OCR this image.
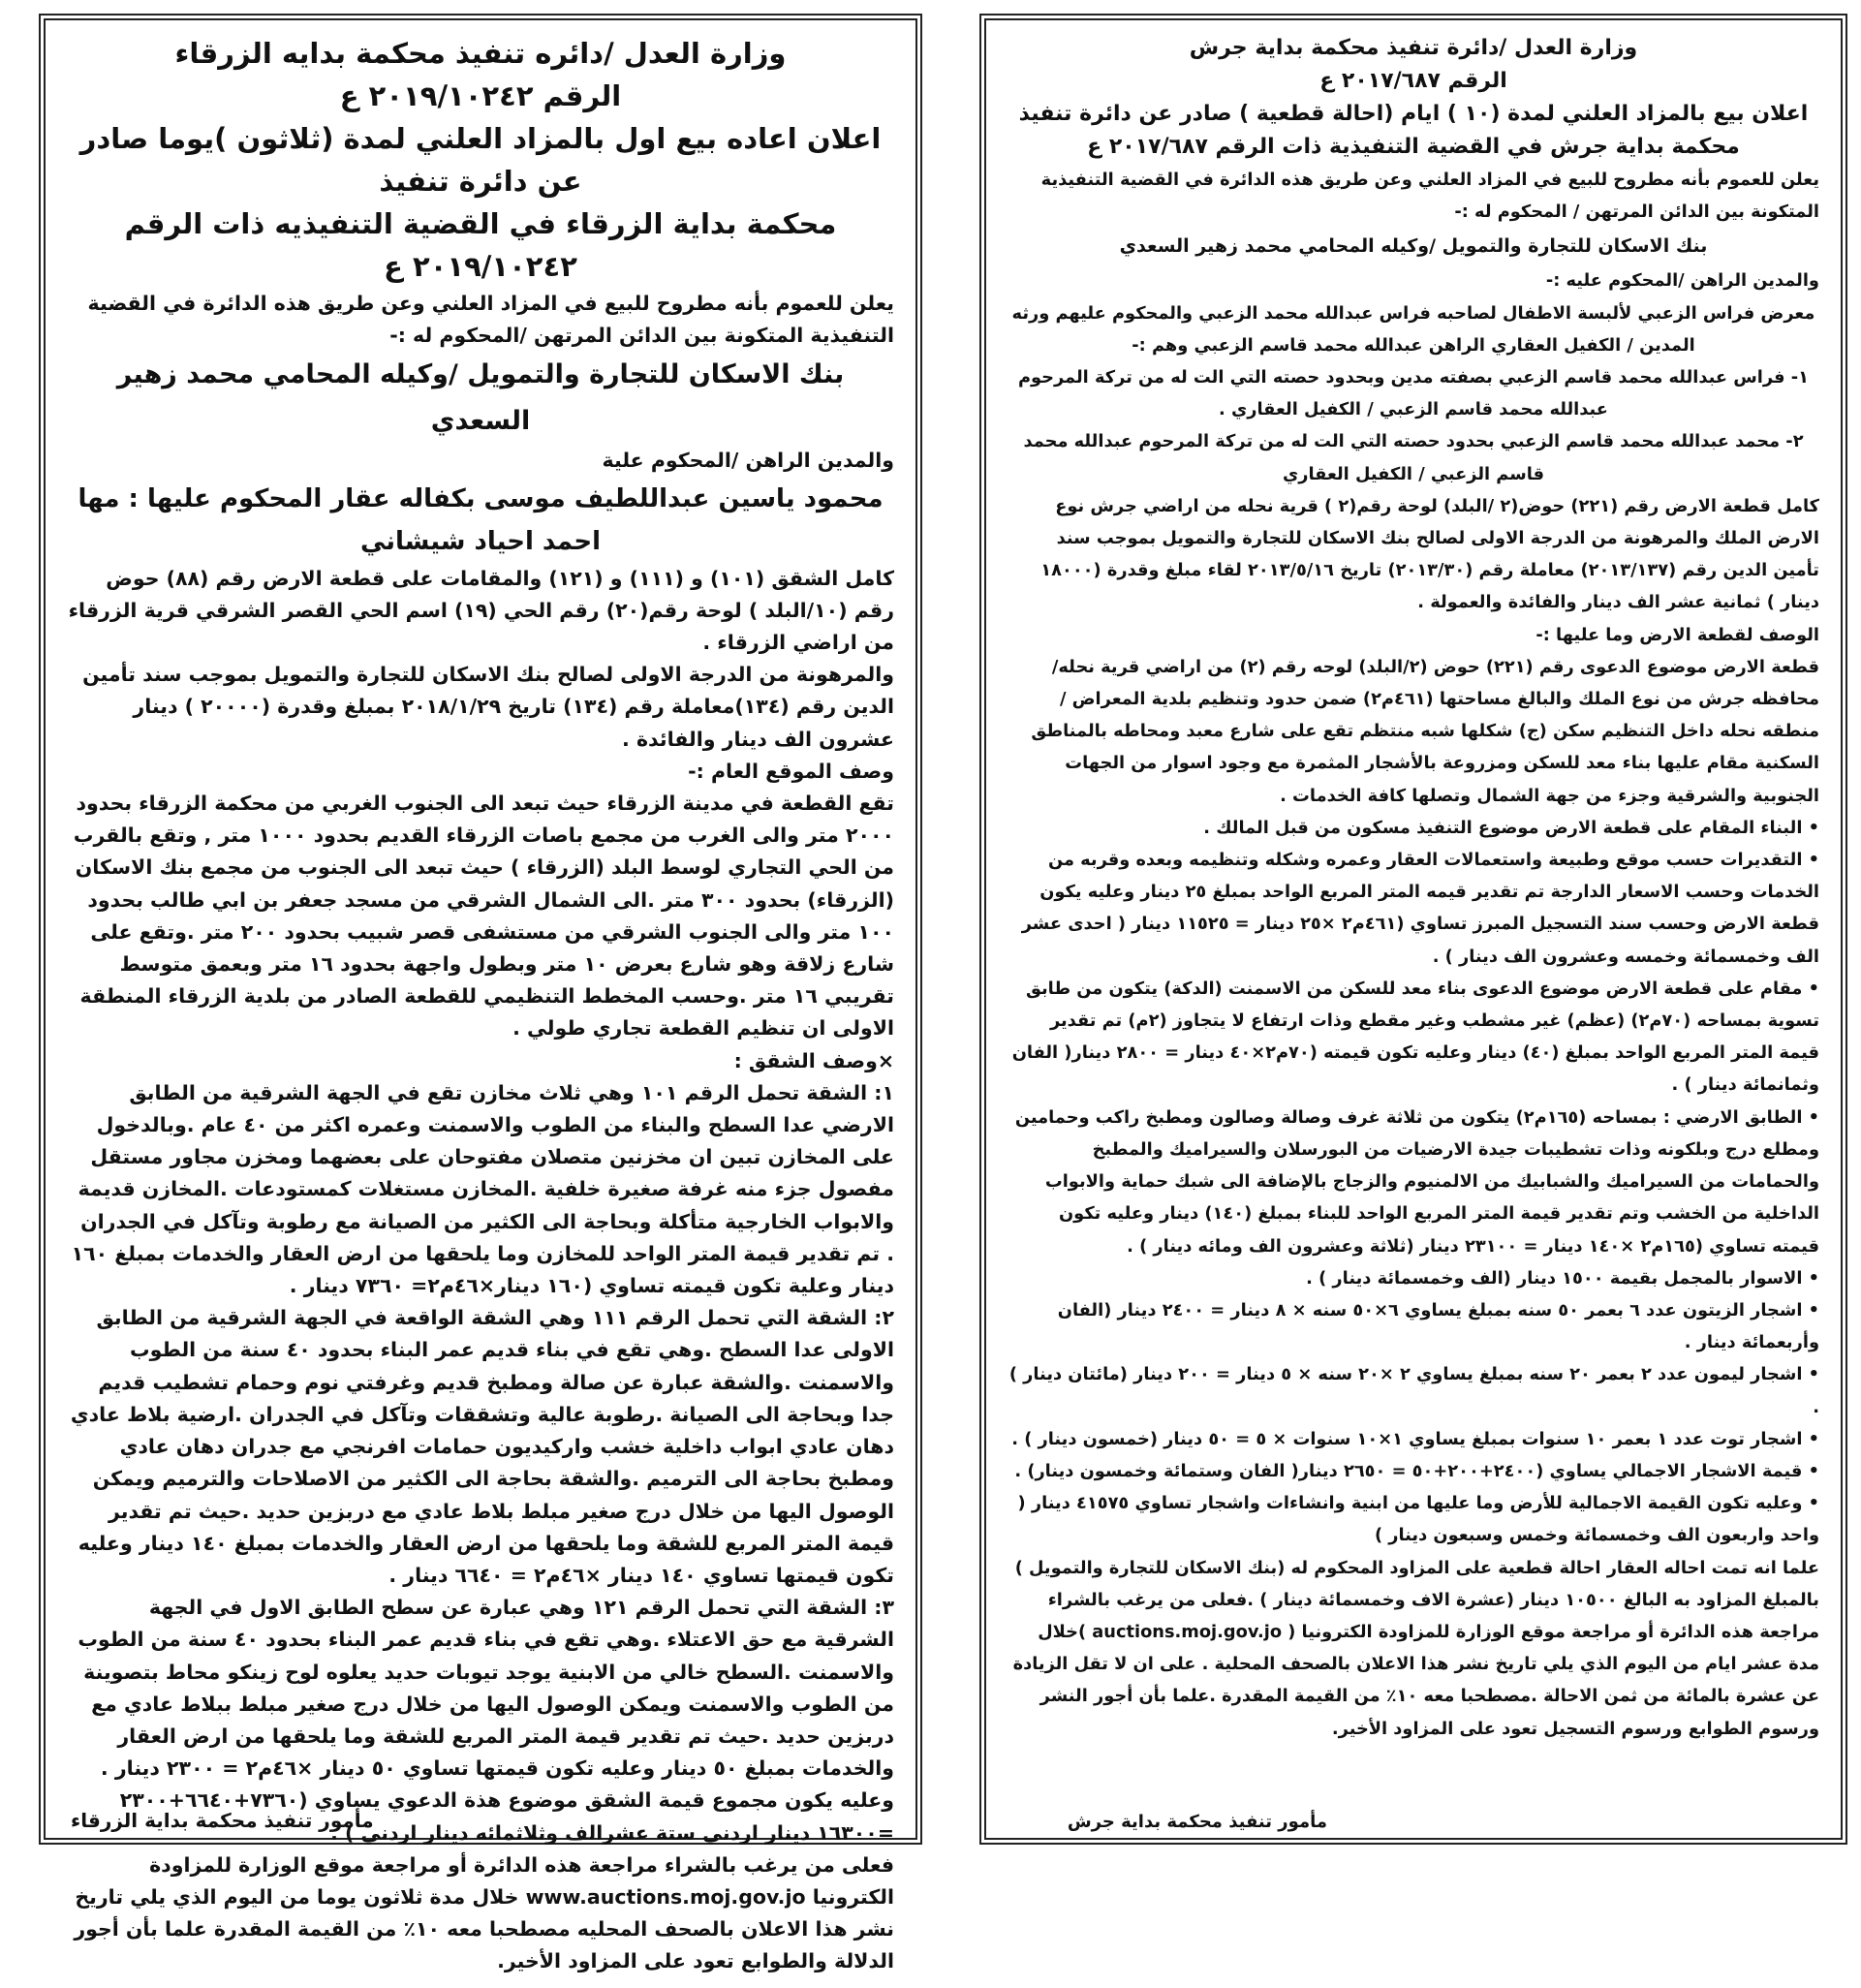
وزارة العدل /دائره تنفيذ محكمة بدايه الزرقاء

الرقم ٢٠١٩/١٠٢٤٢ ع

اعلان اعاده بيع اول بالمزاد العلني لمدة (ثلاثون )يوما صادر عن دائرة تنفيذ

محكمة بداية الزرقاء في القضية التنفيذيه ذات الرقم ٢٠١٩/١٠٢٤٢ ع

يعلن للعموم بأنه مطروح للبيع في المزاد العلني وعن طريق هذه الدائرة في القضية التنفيذية المتكونة بين الدائن المرتهن /المحكوم له :-

بنك الاسكان للتجارة والتمويل /وكيله المحامي محمد زهير السعدي

والمدين الراهن /المحكوم علية

محمود ياسين عبداللطيف موسى بكفاله عقار المحكوم عليها : مها احمد احياد شيشاني

كامل الشقق (١٠١) و (١١١) و (١٢١) والمقامات على قطعة الارض رقم (٨٨) حوض رقم (١٠/البلد ) لوحة رقم(٢٠) رقم الحي (١٩) اسم الحي القصر الشرقي قرية الزرقاء من اراضي الزرقاء .

والمرهونة من الدرجة الاولى لصالح بنك الاسكان للتجارة والتمويل بموجب سند تأمين الدين رقم (١٣٤)معاملة رقم (١٣٤) تاريخ ٢٠١٨/١/٢٩ بمبلغ وقدرة (٢٠٠٠٠ ) دينار عشرون الف دينار والفائدة .

وصف الموقع العام :-

تقع القطعة في مدينة الزرقاء حيث تبعد الى الجنوب الغربي من محكمة الزرقاء بحدود ٢٠٠٠ متر والى الغرب من مجمع باصات الزرقاء القديم بحدود ١٠٠٠ متر , وتقع بالقرب من الحي التجاري لوسط البلد (الزرقاء ) حيث تبعد الى الجنوب من مجمع بنك الاسكان (الزرقاء) بحدود ٣٠٠ متر .الى الشمال الشرقي من مسجد جعفر بن ابي طالب بحدود ١٠٠ متر والى الجنوب الشرقي من مستشفى قصر شبيب بحدود ٢٠٠ متر .وتقع على شارع زلاقة وهو شارع بعرض ١٠ متر وبطول واجهة بحدود ١٦ متر وبعمق متوسط تقريبي ١٦ متر .وحسب المخطط التنظيمي للقطعة الصادر من بلدية الزرقاء المنطقة الاولى ان تنظيم القطعة تجاري طولي .

×وصف الشقق :

١: الشقة تحمل الرقم ١٠١ وهي ثلاث مخازن تقع في الجهة الشرقية من الطابق الارضي عدا السطح والبناء من الطوب والاسمنت وعمره اكثر من ٤٠ عام .وبالدخول على المخازن تبين ان مخزنين متصلان مفتوحان على بعضهما ومخزن مجاور مستقل مفصول جزء منه غرفة صغيرة خلفية .المخازن مستغلات كمستودعات .المخازن قديمة والابواب الخارجية متأكلة وبحاجة الى الكثير من الصيانة مع رطوبة وتآكل في الجدران . تم تقدير قيمة المتر الواحد للمخازن وما يلحقها من ارض العقار والخدمات بمبلغ ١٦٠ دينار وعلية تكون قيمته تساوي (١٦٠ دينار×٤٦م٢= ٧٣٦٠ دينار .

٢: الشقة التي تحمل الرقم ١١١ وهي الشقة الواقعة في الجهة الشرقية من الطابق الاولى عدا السطح .وهي تقع في بناء قديم عمر البناء بحدود ٤٠ سنة من الطوب والاسمنت .والشقة عبارة عن صالة ومطبخ قديم وغرفتي نوم وحمام تشطيب قديم جدا وبحاجة الى الصيانة .رطوبة عالية وتشققات وتآكل في الجدران .ارضية بلاط عادي دهان عادي ابواب داخلية خشب واركيديون حمامات افرنجي مع جدران دهان عادي ومطبخ بحاجة الى الترميم .والشقة بحاجة الى الكثير من الاصلاحات والترميم ويمكن الوصول اليها من خلال درج صغير مبلط بلاط عادي مع دربزين حديد .حيث تم تقدير قيمة المتر المربع للشقة وما يلحقها من ارض العقار والخدمات بمبلغ ١٤٠ دينار وعليه تكون قيمتها تساوي ١٤٠ دينار ×٤٦م٢ = ٦٦٤٠ دينار .

٣: الشقة التي تحمل الرقم ١٢١ وهي عبارة عن سطح الطابق الاول في الجهة الشرقية مع حق الاعتلاء .وهي تقع في بناء قديم عمر البناء بحدود ٤٠ سنة من الطوب والاسمنت .السطح خالي من الابنية يوجد تيوبات حديد يعلوه لوح زينكو محاط بتصوينة من الطوب والاسمنت ويمكن الوصول اليها من خلال درج صغير مبلط ببلاط عادي مع دربزين حديد .حيث تم تقدير قيمة المتر المربع للشقة وما يلحقها من ارض العقار والخدمات بمبلغ ٥٠ دينار وعليه تكون قيمتها تساوي ٥٠ دينار ×٤٦م٢ = ٢٣٠٠ دينار .

وعليه يكون مجموع قيمة الشقق موضوع هذة الدعوي يساوي (٧٣٦٠+٦٦٤٠+٢٣٠٠ =١٦٣٠٠ دينار اردني ستة عشرالف وثلاثمائه دينار اردني ) .

فعلى من يرغب بالشراء مراجعة هذه الدائرة أو مراجعة موقع الوزارة للمزاودة الكترونيا www.auctions.moj.gov.jo خلال مدة ثلاثون يوما من اليوم الذي يلي تاريخ نشر هذا الاعلان بالصحف المحليه مصطحبا معه ١٠٪ من القيمة المقدرة علما بأن أجور الدلالة والطوابع تعود على المزاود الأخير.

مأمور تنفيذ محكمة بداية الزرقاء

وزارة العدل /دائرة تنفيذ محكمة بداية جرش

الرقم ٢٠١٧/٦٨٧ ع

اعلان بيع بالمزاد العلني لمدة (١٠ ) ايام (احالة قطعية ) صادر عن دائرة تنفيذ

محكمة بداية جرش في القضية التنفيذية ذات الرقم ٢٠١٧/٦٨٧ ع

يعلن للعموم بأنه مطروح للبيع في المزاد العلني وعن طريق هذه الدائرة في القضية التنفيذية المتكونة بين الدائن المرتهن / المحكوم له :-

بنك الاسكان للتجارة والتمويل /وكيله المحامي محمد زهير السعدي

والمدين الراهن /المحكوم عليه :-

معرض فراس الزعبي لألبسة الاطفال لصاحبه فراس عبدالله محمد الزعبي والمحكوم عليهم ورثه المدين / الكفيل العقاري الراهن عبدالله محمد قاسم الزعبي وهم :-

١- فراس عبدالله محمد قاسم الزعبي بصفته مدين وبحدود حصته التي الت له من تركة المرحوم عبدالله محمد قاسم الزعبي / الكفيل العقاري .

٢- محمد عبدالله محمد قاسم الزعبي بحدود حصته التي الت له من تركة المرحوم عبدالله محمد قاسم الزعبي / الكفيل العقاري

كامل قطعة الارض رقم (٢٢١) حوض(٢ /البلد) لوحة رقم(٢ ) قرية نحله من اراضي جرش نوع الارض الملك والمرهونة من الدرجة الاولى لصالح بنك الاسكان للتجارة والتمويل بموجب سند تأمين الدين رقم (٢٠١٣/١٣٧) معاملة رقم (٢٠١٣/٣٠) تاريخ ٢٠١٣/٥/١٦ لقاء مبلغ وقدرة (١٨٠٠٠ دينار ) ثمانية عشر الف دينار والفائدة والعمولة .

الوصف لقطعة الارض وما عليها :-

قطعة الارض موضوع الدعوى رقم (٢٢١) حوض (٢/البلد) لوحه رقم (٢) من اراضي قرية نحله/ محافظه جرش من نوع الملك والبالغ مساحتها (٤٦١م٢) ضمن حدود وتنظيم بلدية المعراض / منطقه نحله داخل التنظيم سكن (ج) شكلها شبه منتظم تقع على شارع معبد ومحاطه بالمناطق السكنية مقام عليها بناء معد للسكن ومزروعة بالأشجار المثمرة مع وجود اسوار من الجهات الجنوبية والشرقية وجزء من جهة الشمال وتصلها كافة الخدمات .

• البناء المقام على قطعة الارض موضوع التنفيذ مسكون من قبل المالك .

• التقديرات حسب موقع وطبيعة واستعمالات العقار وعمره وشكله وتنظيمه وبعده وقربه من الخدمات وحسب الاسعار الدارجة تم تقدير قيمه المتر المربع الواحد بمبلغ ٢٥ دينار وعليه يكون قطعة الارض وحسب سند التسجيل المبرز تساوي (٤٦١م٢ ×٢٥ دينار = ١١٥٢٥ دينار ( احدى عشر الف وخمسمائة وخمسه وعشرون الف دينار ) .

• مقام على قطعة الارض موضوع الدعوى بناء معد للسكن من الاسمنت (الدكة) يتكون من طابق تسوية بمساحه (٧٠م٢) (عظم) غير مشطب وغير مقطع وذات ارتفاع لا يتجاوز (٢م) تم تقدير قيمة المتر المربع الواحد بمبلغ (٤٠) دينار وعليه تكون قيمته (٧٠م٢×٤٠ دينار = ٢٨٠٠ دينار( الفان وثمانمائة دينار ) .

• الطابق الارضي : بمساحه (١٦٥م٢) يتكون من ثلاثة غرف وصالة وصالون ومطبخ راكب وحمامين ومطلع درج وبلكونه وذات تشطيبات جيدة الارضيات من البورسلان والسيراميك والمطبخ والحمامات من السيراميك والشبابيك من الالمنيوم والزجاج بالإضافة الى شبك حماية والابواب الداخلية من الخشب وتم تقدير قيمة المتر المربع الواحد للبناء بمبلغ (١٤٠) دينار وعليه تكون قيمته تساوي (١٦٥م٢ ×١٤٠ دينار = ٢٣١٠٠ دينار (ثلاثة وعشرون الف ومائه دينار ) .

• الاسوار بالمجمل بقيمة ١٥٠٠ دينار (الف وخمسمائة دينار ) .

• اشجار الزيتون عدد ٦ بعمر ٥٠ سنه بمبلغ يساوي ٦×٥٠ سنه × ٨ دينار = ٢٤٠٠ دينار (الفان وأربعمائة دينار .

• اشجار ليمون عدد ٢ بعمر ٢٠ سنه بمبلغ يساوي ٢ ×٢٠ سنه × ٥ دينار = ٢٠٠ دينار (مائتان دينار ) .

• اشجار توت عدد ١ بعمر ١٠ سنوات بمبلغ يساوي ١×١٠ سنوات × ٥ = ٥٠ دينار (خمسون دينار ) .

• قيمة الاشجار الاجمالي يساوي (٢٤٠٠+٢٠٠+٥٠ = ٢٦٥٠ دينار( الفان وستمائة وخمسون دينار) .

• وعليه تكون القيمة الاجمالية للأرض وما عليها من ابنية وانشاءات واشجار تساوي ٤١٥٧٥ دينار ( واحد واربعون الف وخمسمائة وخمس وسبعون دينار )

علما انه تمت احاله العقار احالة قطعية على المزاود المحكوم له (بنك الاسكان للتجارة والتمويل ) بالمبلغ المزاود به البالغ ١٠٥٠٠ دينار (عشرة الاف وخمسمائة دينار ) .فعلى من يرغب بالشراء مراجعة هذه الدائرة أو مراجعة موقع الوزارة للمزاودة الكترونيا ( auctions.moj.gov.jo )خلال مدة عشر ايام من اليوم الذي يلي تاريخ نشر هذا الاعلان بالصحف المحلية . على ان لا تقل الزيادة عن عشرة بالمائة من ثمن الاحالة .مصطحبا معه ١٠٪ من القيمة المقدرة .علما بأن أجور النشر ورسوم الطوابع ورسوم التسجيل تعود على المزاود الأخير.

مأمور تنفيذ محكمة بداية جرش
